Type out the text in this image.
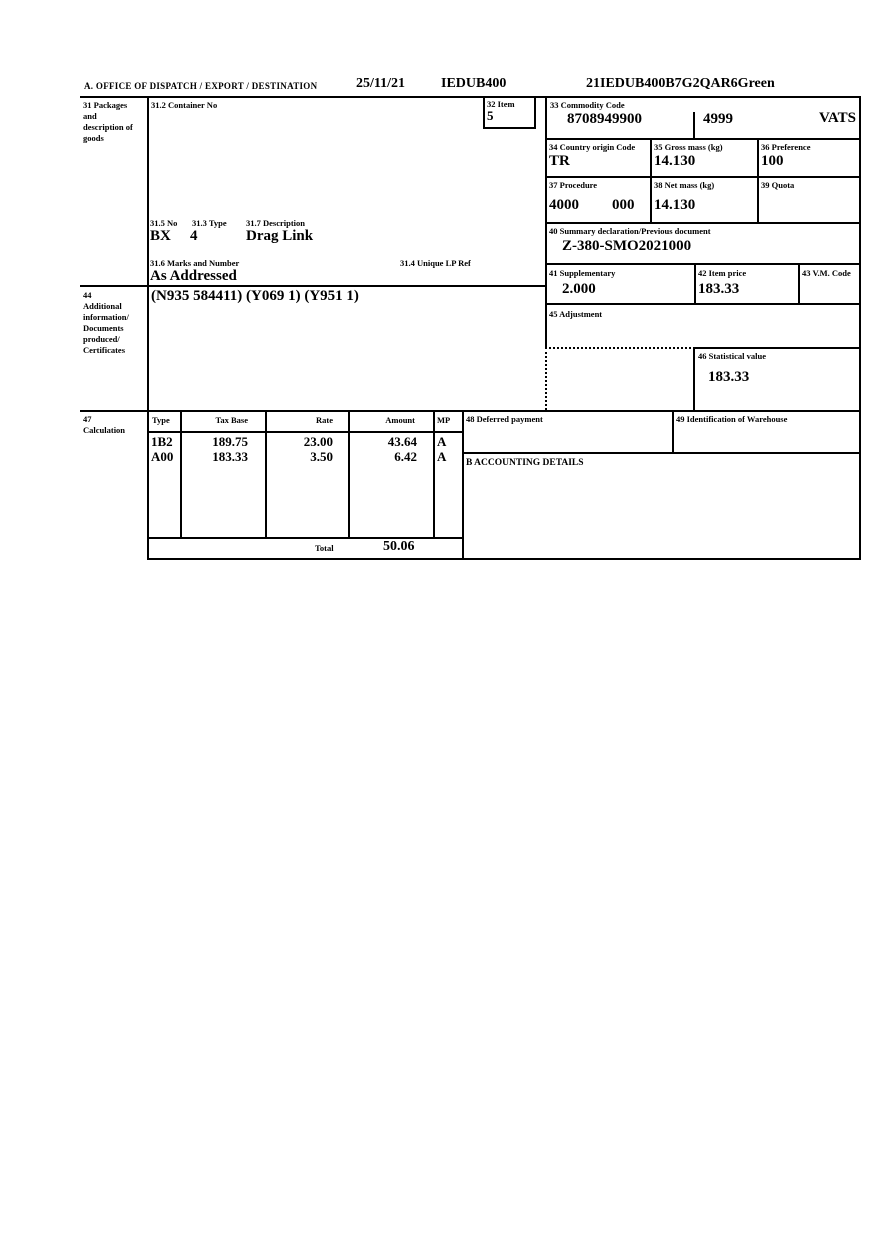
A. OFFICE OF DISPATCH / EXPORT / DESTINATION	25/11/21	IEDUB400	21IEDUB400B7G2QAR6Green
31 Packages and description of goods
31.2 Container No	32 Item
5
31.5 No 31.3 Type 31.7 Description
BX 4	Drag Link
31.6 Marks and Number	31.4 Unique LP Ref
As Addressed
33 Commodity Code
8708949900	4999	VATS
34 Country origin Code
TR
35 Gross mass (kg)
14.130
36 Preference
100
37 Procedure
4000 000
38 Net mass (kg)
14.130
39 Quota
40 Summary declaration/Previous document
Z-380-SMO2021000
41 Supplementary
2.000
42 Item price
183.33
43 V.M. Code
44
Additional information/ Documents produced/ Certificates
(N935 584411) (Y069 1) (Y951 1)
45 Adjustment
46 Statistical value
183.33
47
Calculation
Type	Tax Base	Rate	Amount	MP
1B2	189.75	23.00	43.64 A
A00	183.33	3.50	6.42 A
Total	50.06
48 Deferred payment	49 Identification of Warehouse
B ACCOUNTING DETAILS
